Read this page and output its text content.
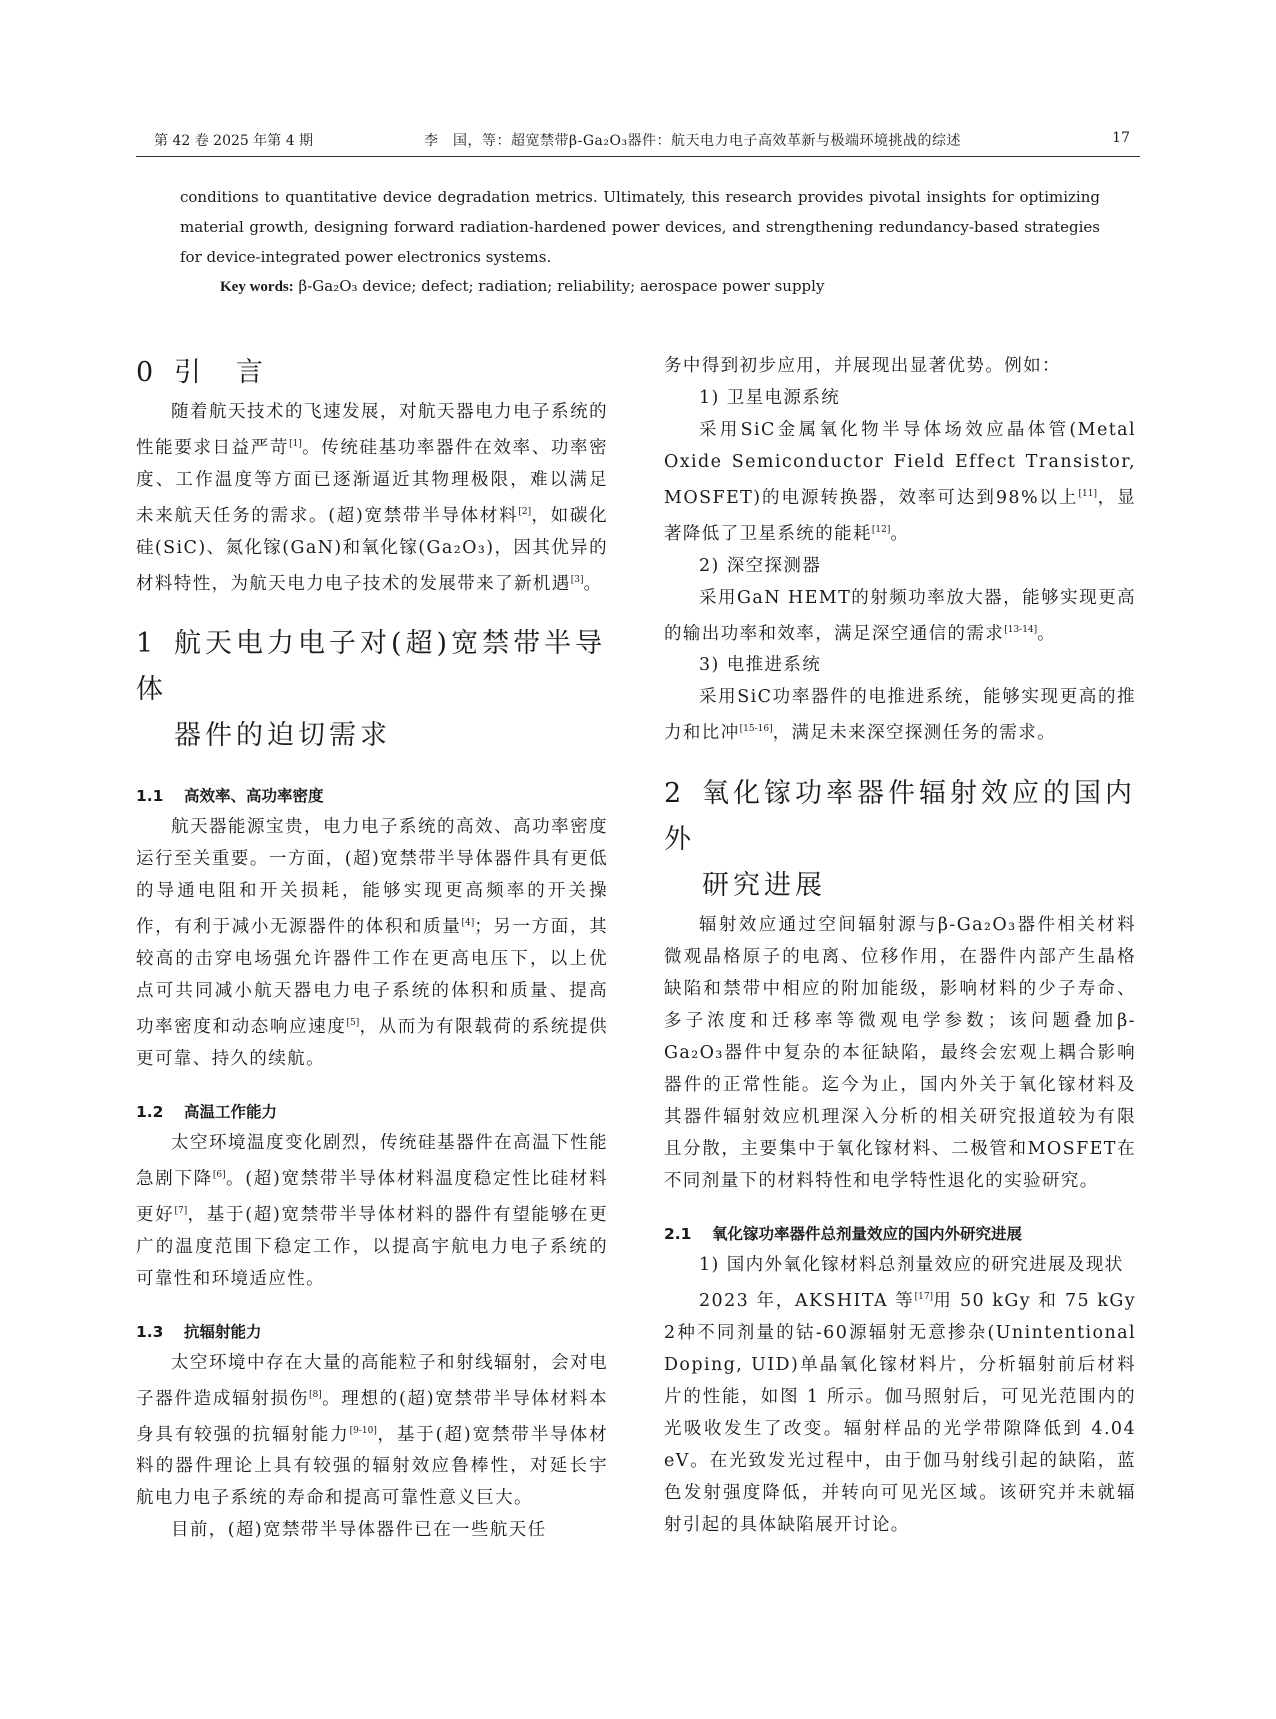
第 42 卷 2025 年第 4 期	李　国，等：超宽禁带β-Ga₂O₃器件：航天电力电子高效革新与极端环境挑战的综述	17
conditions to quantitative device degradation metrics. Ultimately, this research provides pivotal insights for optimizing material growth, designing forward radiation-hardened power devices, and strengthening redundancy-based strategies for device-integrated power electronics systems.
Key words: β-Ga₂O₃ device; defect; radiation; reliability; aerospace power supply
0 引　言

随着航天技术的飞速发展，对航天器电力电子系统的性能要求日益严苛[1]。传统硅基功率器件在效率、功率密度、工作温度等方面已逐渐逼近其物理极限，难以满足未来航天任务的需求。(超)宽禁带半导体材料[2]，如碳化硅(SiC)、氮化镓(GaN)和氧化镓(Ga₂O₃)，因其优异的材料特性，为航天电力电子技术的发展带来了新机遇[3]。

1 航天电力电子对(超)宽禁带半导体
器件的迫切需求
1.1 高效率、高功率密度

航天器能源宝贵，电力电子系统的高效、高功率密度运行至关重要。一方面，(超)宽禁带半导体器件具有更低的导通电阻和开关损耗，能够实现更高频率的开关操作，有利于减小无源器件的体积和质量[4]；另一方面，其较高的击穿电场强允许器件工作在更高电压下，以上优点可共同减小航天器电力电子系统的体积和质量、提高功率密度和动态响应速度[5]，从而为有限载荷的系统提供更可靠、持久的续航。

1.2 高温工作能力

太空环境温度变化剧烈，传统硅基器件在高温下性能急剧下降[6]。(超)宽禁带半导体材料温度稳定性比硅材料更好[7]，基于(超)宽禁带半导体材料的器件有望能够在更广的温度范围下稳定工作，以提高宇航电力电子系统的可靠性和环境适应性。

1.3 抗辐射能力

太空环境中存在大量的高能粒子和射线辐射，会对电子器件造成辐射损伤[8]。理想的(超)宽禁带半导体材料本身具有较强的抗辐射能力[9-10]，基于(超)宽禁带半导体材料的器件理论上具有较强的辐射效应鲁棒性，对延长宇航电力电子系统的寿命和提高可靠性意义巨大。

目前，(超)宽禁带半导体器件已在一些航天任

务中得到初步应用，并展现出显著优势。例如：

1) 卫星电源系统

采用SiC金属氧化物半导体场效应晶体管(Metal Oxide Semiconductor Field Effect Transistor, MOSFET)的电源转换器，效率可达到98%以上[11]，显著降低了卫星系统的能耗[12]。

2) 深空探测器

采用GaN HEMT的射频功率放大器，能够实现更高的输出功率和效率，满足深空通信的需求[13-14]。

3) 电推进系统

采用SiC功率器件的电推进系统，能够实现更高的推力和比冲[15-16]，满足未来深空探测任务的需求。

2 氧化镓功率器件辐射效应的国内外
研究进展

辐射效应通过空间辐射源与β-Ga₂O₃器件相关材料微观晶格原子的电离、位移作用，在器件内部产生晶格缺陷和禁带中相应的附加能级，影响材料的少子寿命、多子浓度和迁移率等微观电学参数；该问题叠加β-Ga₂O₃器件中复杂的本征缺陷，最终会宏观上耦合影响器件的正常性能。迄今为止，国内外关于氧化镓材料及其器件辐射效应机理深入分析的相关研究报道较为有限且分散，主要集中于氧化镓材料、二极管和MOSFET在不同剂量下的材料特性和电学特性退化的实验研究。

2.1 氧化镓功率器件总剂量效应的国内外研究进展

1) 国内外氧化镓材料总剂量效应的研究进展及现状

2023 年，AKSHITA 等[17]用 50 kGy 和 75 kGy 2种不同剂量的钴-60源辐射无意掺杂(Unintentional Doping, UID)单晶氧化镓材料片，分析辐射前后材料片的性能，如图 1 所示。伽马照射后，可见光范围内的光吸收发生了改变。辐射样品的光学带隙降低到 4.04 eV。在光致发光过程中，由于伽马射线引起的缺陷，蓝色发射强度降低，并转向可见光区域。该研究并未就辐射引起的具体缺陷展开讨论。
